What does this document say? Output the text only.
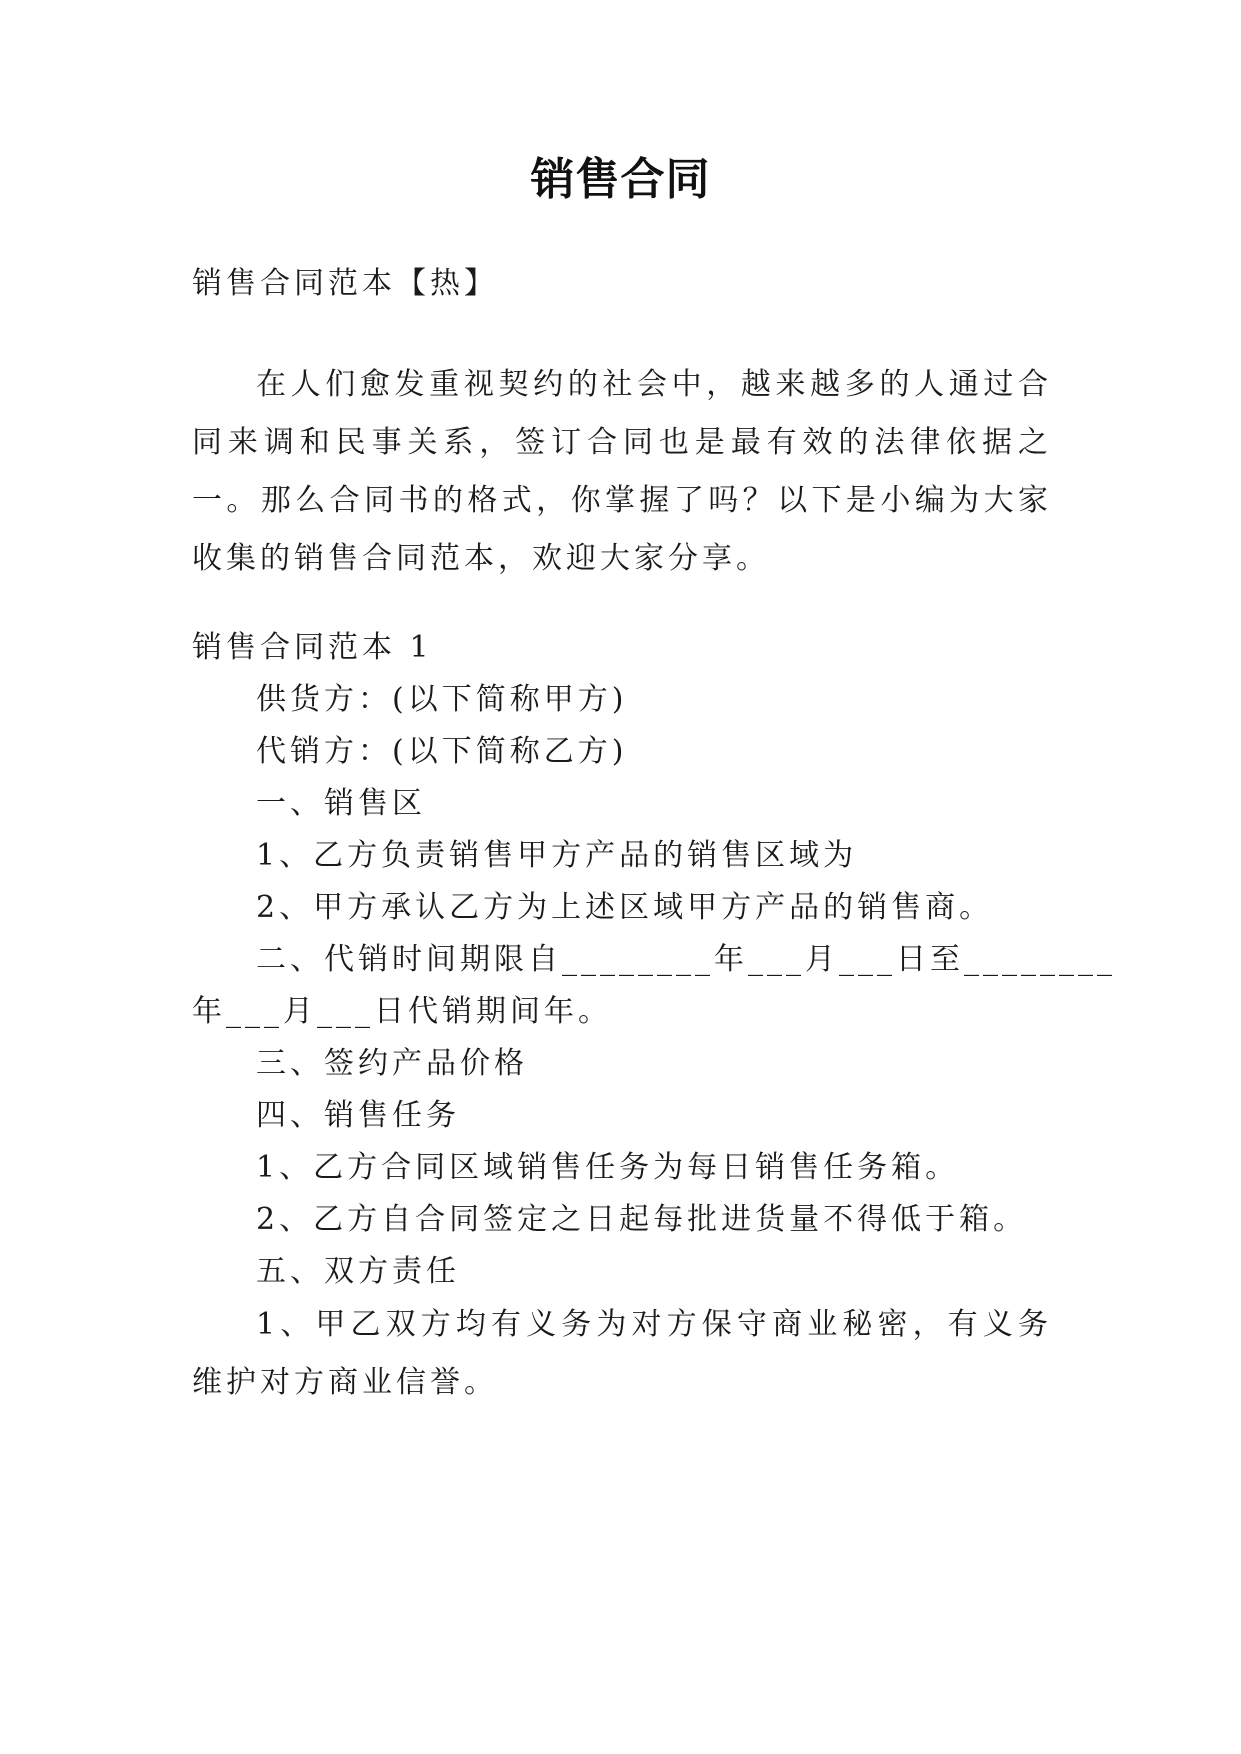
销售合同
销售合同范本【热】
在人们愈发重视契约的社会中，越来越多的人通过合同来调和民事关系，签订合同也是最有效的法律依据之一。那么合同书的格式，你掌握了吗？以下是小编为大家收集的销售合同范本，欢迎大家分享。
销售合同范本 1
供货方：(以下简称甲方)
代销方：(以下简称乙方)
一、销售区
1、乙方负责销售甲方产品的销售区域为
2、甲方承认乙方为上述区域甲方产品的销售商。
二、代销时间期限自________年___月___日至________
年___月___日代销期间年。
三、签约产品价格
四、销售任务
1、乙方合同区域销售任务为每日销售任务箱。
2、乙方自合同签定之日起每批进货量不得低于箱。
五、双方责任
1、甲乙双方均有义务为对方保守商业秘密，有义务维护对方商业信誉。
